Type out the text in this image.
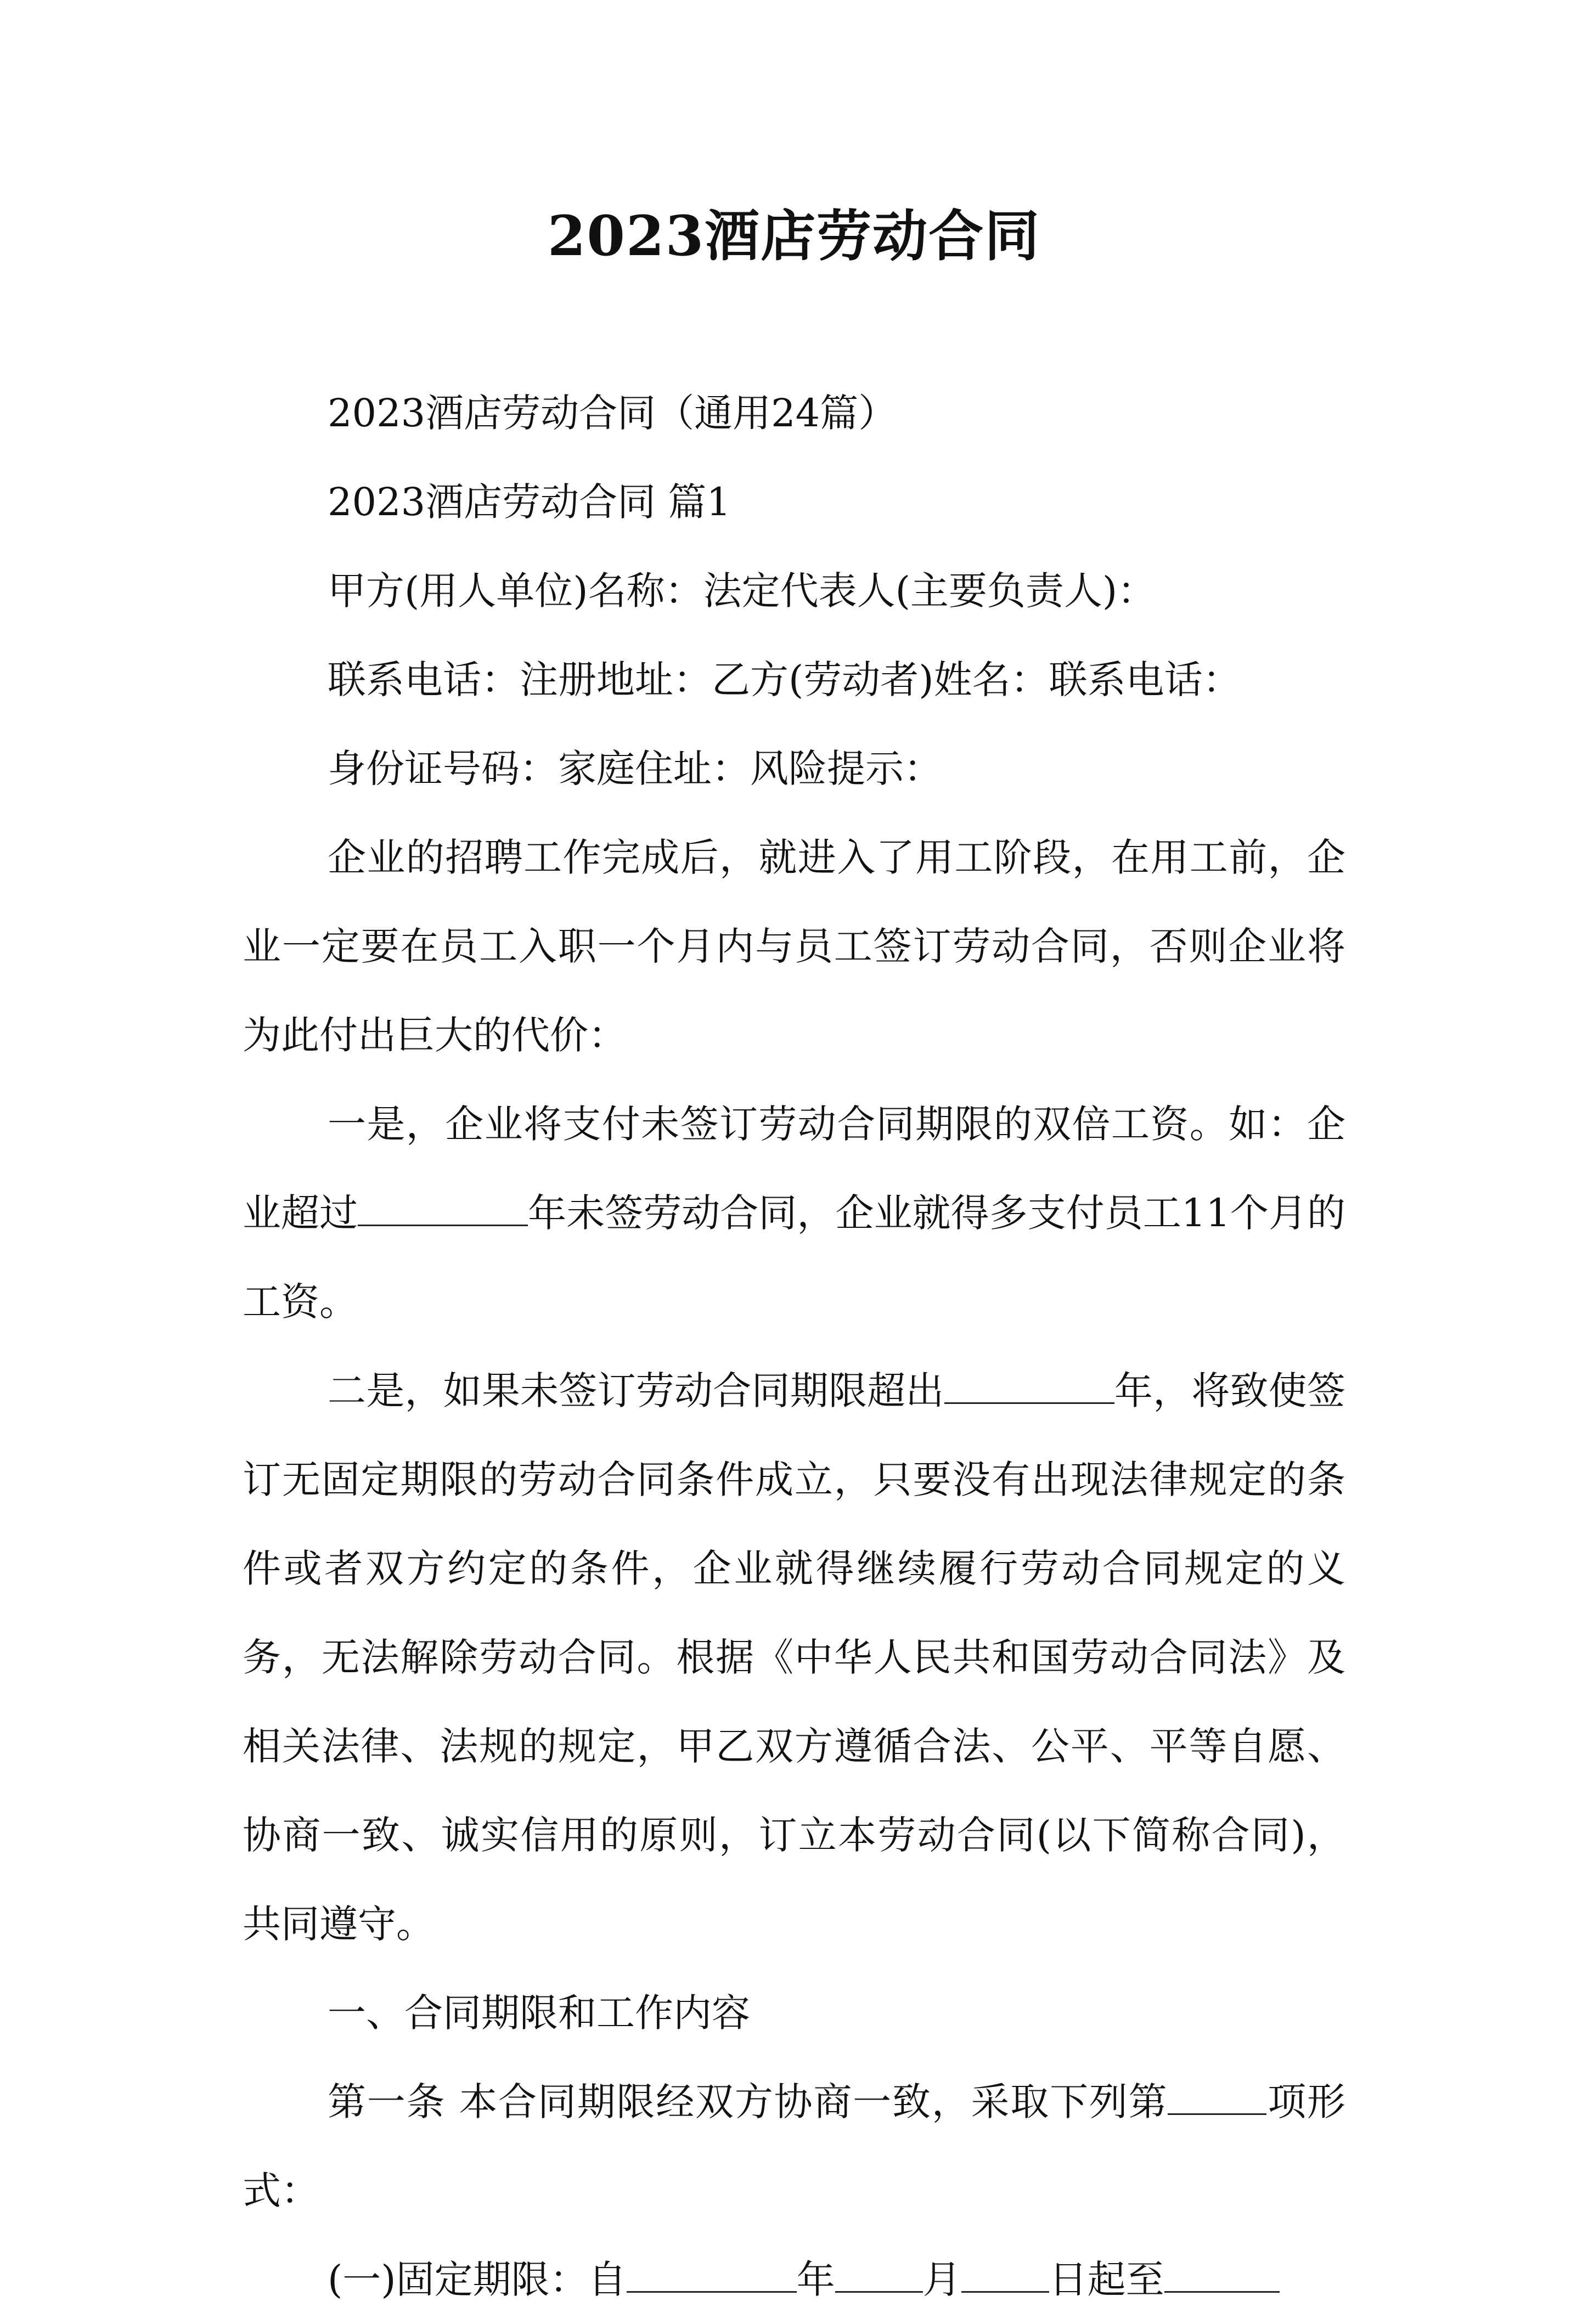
2023酒店劳动合同

2023酒店劳动合同（通用24篇）

2023酒店劳动合同 篇1

甲方(用人单位)名称：法定代表人(主要负责人)：

联系电话：注册地址：乙方(劳动者)姓名：联系电话：

身份证号码：家庭住址：风险提示：

企业的招聘工作完成后，就进入了用工阶段，在用工前，企业一定要在员工入职一个月内与员工签订劳动合同，否则企业将为此付出巨大的代价：

一是，企业将支付未签订劳动合同期限的双倍工资。如：企业超过	年未签劳动合同，企业就得多支付员工11个月的工资。

二是，如果未签订劳动合同期限超出	年，将致使签订无固定期限的劳动合同条件成立，只要没有出现法律规定的条件或者双方约定的条件，企业就得继续履行劳动合同规定的义务，无法解除劳动合同。根据《中华人民共和国劳动合同法》及相关法律、法规的规定，甲乙双方遵循合法、公平、平等自愿、协商一致、诚实信用的原则，订立本劳动合同(以下简称合同)，共同遵守。

一、合同期限和工作内容

第一条 本合同期限经双方协商一致，采取下列第	项形式：

(一)固定期限：自	年 月 日起至
